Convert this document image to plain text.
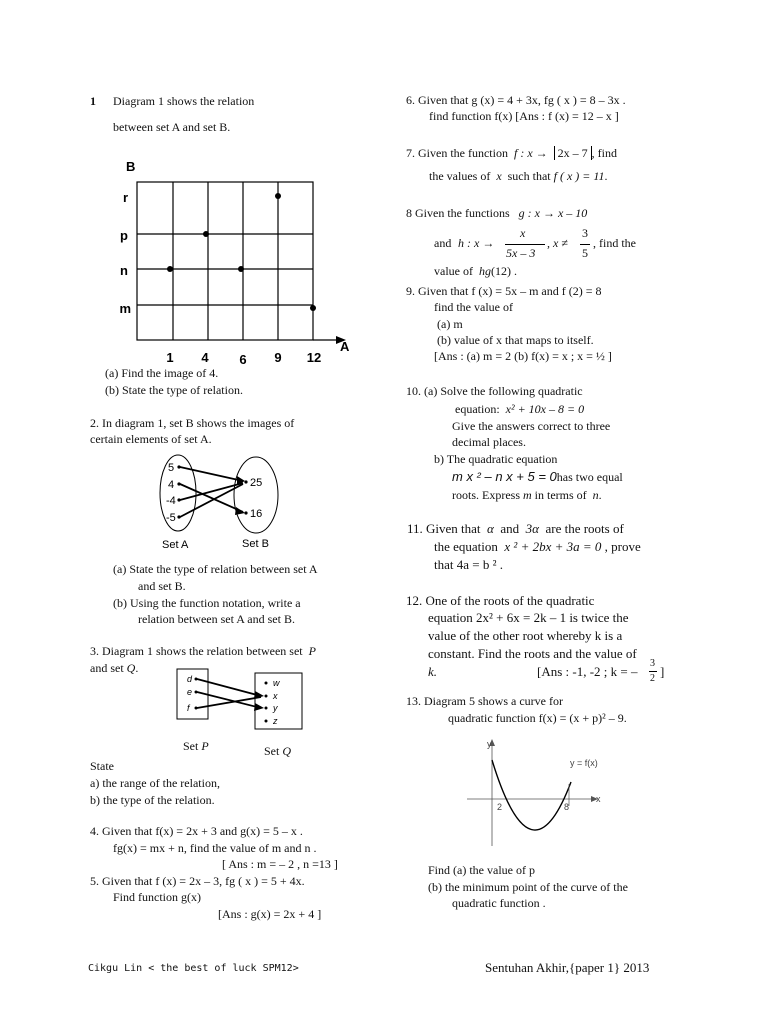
1 Diagram 1 shows the relation
between set A and set B.
B
A
r
p
n
m
1 4 6 9 12
(a) Find the image of 4.
(b) State the type of relation.
2. In diagram 1, set B shows the images of
certain elements of set A.
5
4
-4
-5
25
16
Set A	Set B
(a) State the type of relation between set A
and set B.
(b) Using the function notation, write a
relation between set A and set B.
3. Diagram 1 shows the relation between set P
and set Q.
d
e
f
w
x
y
z
Set P	Set Q
State
a) the range of the relation,
b) the type of the relation.
4. Given that f(x) = 2x + 3 and g(x) = 5 – x .
fg(x) = mx + n, find the value of m and n .
[ Ans : m = – 2 , n =13 ]
5. Given that f (x) = 2x – 3, fg ( x ) = 5 + 4x.
Find function g(x)
[Ans : g(x) = 2x + 4 ]
6. Given that g (x) = 4 + 3x, fg ( x ) = 8 – 3x .
find function f(x) [Ans : f (x) = 12 – x ]
7. Given the function f : x → 2x – 7 , find
the values of x such that f ( x ) = 11.
8 Given the functions g : x → x – 10
and h : x →
x
5x – 3
, x ≠
3
5
, find the
value of hg(12) .
9. Given that f (x) = 5x – m and f (2) = 8
find the value of
(a) m
(b) value of x that maps to itself.
[Ans : (a) m = 2 (b) f(x) = x ; x = ½ ]
10. (a) Solve the following quadratic
equation: x² + 10x – 8 = 0
Give the answers correct to three
decimal places.
b) The quadratic equation
m x ² – n x + 5 = 0has two equal
roots. Express m in terms of n.
11. Given that α and 3α are the roots of
the equation x ² + 2bx + 3a = 0 , prove
that 4a = b ² .
12. One of the roots of the quadratic
equation 2x² + 6x = 2k – 1 is twice the
value of the other root whereby k is a
constant. Find the roots and the value of
k.	[Ans : -1, -2 ; k = –
3
2 ]
13. Diagram 5 shows a curve for
quadratic function f(x) = (x + p)² – 9.
y
x
y = f(x)
2	8
Find (a) the value of p
(b) the minimum point of the curve of the
quadratic function .
Cikgu Lin < the best of luck SPM12>	Sentuhan Akhir,{paper 1} 2013
